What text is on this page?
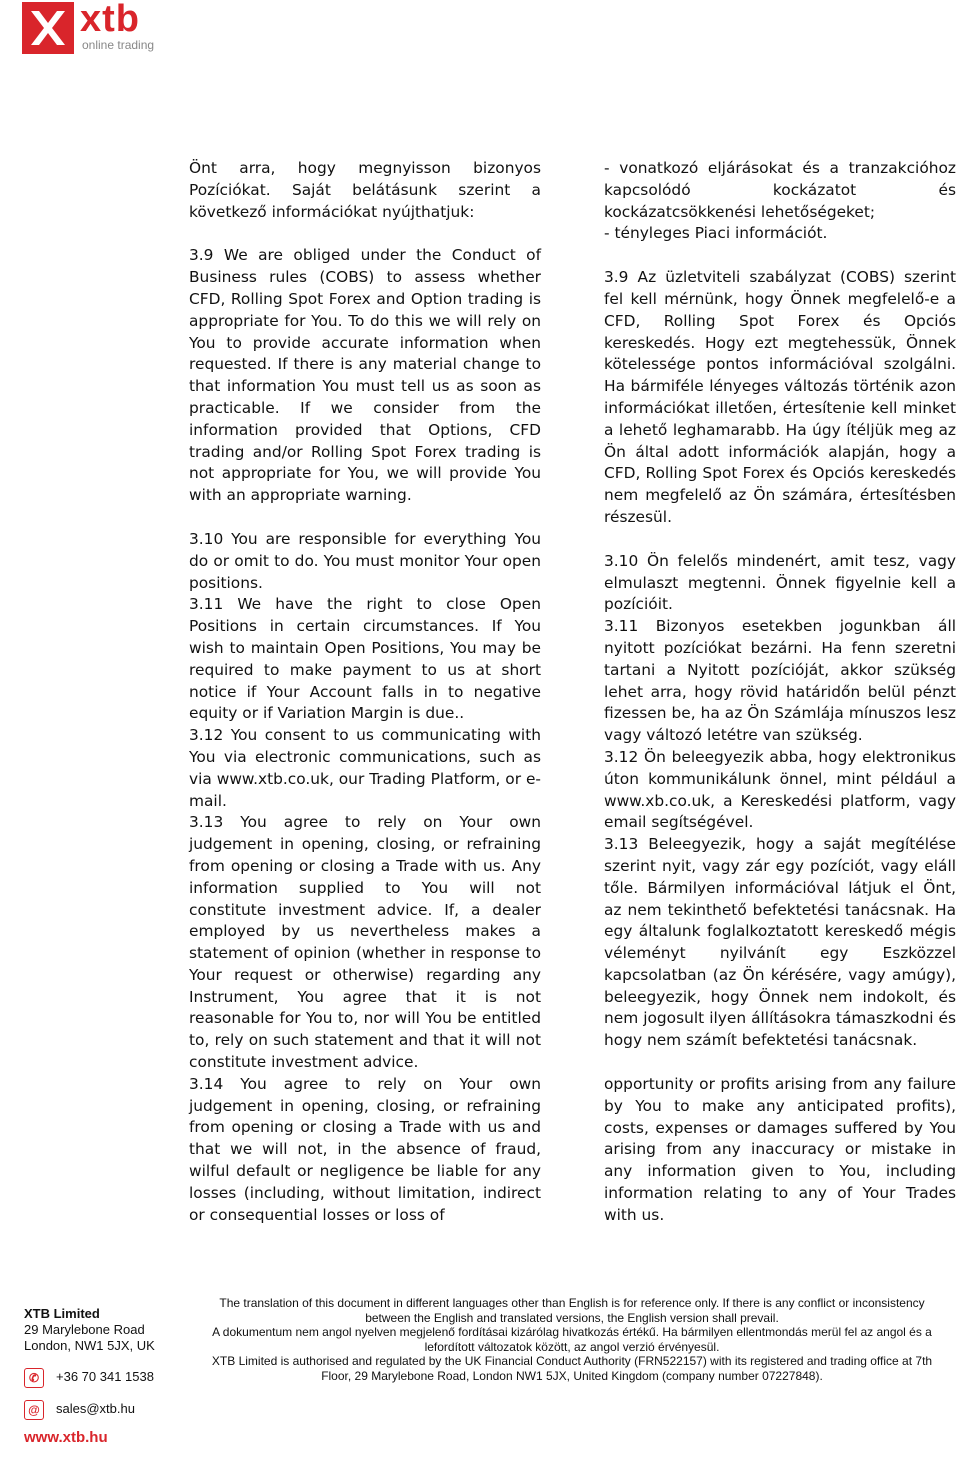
xtb
online trading

Önt arra, hogy megnyisson bizonyos Pozíciókat. Saját belátásunk szerint a következő információkat nyújthatjuk:

3.9 We are obliged under the Conduct of Business rules (COBS) to assess whether CFD, Rolling Spot Forex and Option trading is appropriate for You. To do this we will rely on You to provide accurate information when requested. If there is any material change to that information You must tell us as soon as practicable. If we consider from the information provided that Options, CFD trading and/or Rolling Spot Forex trading is not appropriate for You, we will provide You with an appropriate warning.

3.10 You are responsible for everything You do or omit to do. You must monitor Your open positions.

3.11 We have the right to close Open Positions in certain circumstances. If You wish to maintain Open Positions, You may be required to make payment to us at short notice if Your Account falls in to negative equity or if Variation Margin is due..

3.12 You consent to us communicating with You via electronic communications, such as via www.xtb.co.uk, our Trading Platform, or e-mail.

3.13 You agree to rely on Your own judgement in opening, closing, or refraining from opening or closing a Trade with us. Any information supplied to You will not constitute investment advice. If, a dealer employed by us nevertheless makes a statement of opinion (whether in response to Your request or otherwise) regarding any Instrument, You agree that it is not reasonable for You to, nor will You be entitled to, rely on such statement and that it will not constitute investment advice.

3.14 You agree to rely on Your own judgement in opening, closing, or refraining from opening or closing a Trade with us and that we will not, in the absence of fraud, wilful default or negligence be liable for any losses (including, without limitation, indirect or consequential losses or loss of

- vonatkozó eljárásokat és a tranzakcióhoz kapcsolódó kockázatot és kockázatcsökkenési lehetőségeket;

- tényleges Piaci információt.

3.9 Az üzletviteli szabályzat (COBS) szerint fel kell mérnünk, hogy Önnek megfelelő-e a CFD, Rolling Spot Forex és Opciós kereskedés. Hogy ezt megtehessük, Önnek kötelessége pontos információval szolgálni. Ha bármiféle lényeges változás történik azon információkat illetően, értesítenie kell minket a lehető leghamarabb. Ha úgy ítéljük meg az Ön által adott információk alapján, hogy a CFD, Rolling Spot Forex és Opciós kereskedés nem megfelelő az Ön számára, értesítésben részesül.

3.10 Ön felelős mindenért, amit tesz, vagy elmulaszt megtenni. Önnek figyelnie kell a pozícióit.

3.11 Bizonyos esetekben jogunkban áll nyitott pozíciókat bezárni. Ha fenn szeretni tartani a Nyitott pozícióját, akkor szükség lehet arra, hogy rövid határidőn belül pénzt fizessen be, ha az Ön Számlája mínuszos lesz vagy változó letétre van szükség.

3.12 Ön beleegyezik abba, hogy elektronikus úton kommunikálunk önnel, mint például a www.xb.co.uk, a Kereskedési platform, vagy email segítségével.

3.13 Beleegyezik, hogy a saját megítélése szerint nyit, vagy zár egy pozíciót, vagy eláll tőle. Bármilyen információval látjuk el Önt, az nem tekinthető befektetési tanácsnak. Ha egy általunk foglalkoztatott kereskedő mégis véleményt nyilvánít egy Eszközzel kapcsolatban (az Ön kérésére, vagy amúgy), beleegyezik, hogy Önnek nem indokolt, és nem jogosult ilyen állításokra támaszkodni és hogy nem számít befektetési tanácsnak.

opportunity or profits arising from any failure by You to make any anticipated profits), costs, expenses or damages suffered by You arising from any inaccuracy or mistake in any information given to You, including information relating to any of Your Trades with us.

XTB Limited
29 Marylebone Road
London, NW1 5JX, UK
✆	+36 70 341 1538
@	sales@xtb.hu
www.xtb.hu

The translation of this document in different languages other than English is for reference only. If there is any conflict or inconsistency between the English and translated versions, the English version shall prevail.

A dokumentum nem angol nyelven megjelenő fordításai kizárólag hivatkozás értékű. Ha bármilyen ellentmondás merül fel az angol és a lefordított változatok között, az angol verzió érvényesül.

XTB Limited is authorised and regulated by the UK Financial Conduct Authority (FRN522157) with its registered and trading office at 7th Floor, 29 Marylebone Road, London NW1 5JX, United Kingdom (company number 07227848).
